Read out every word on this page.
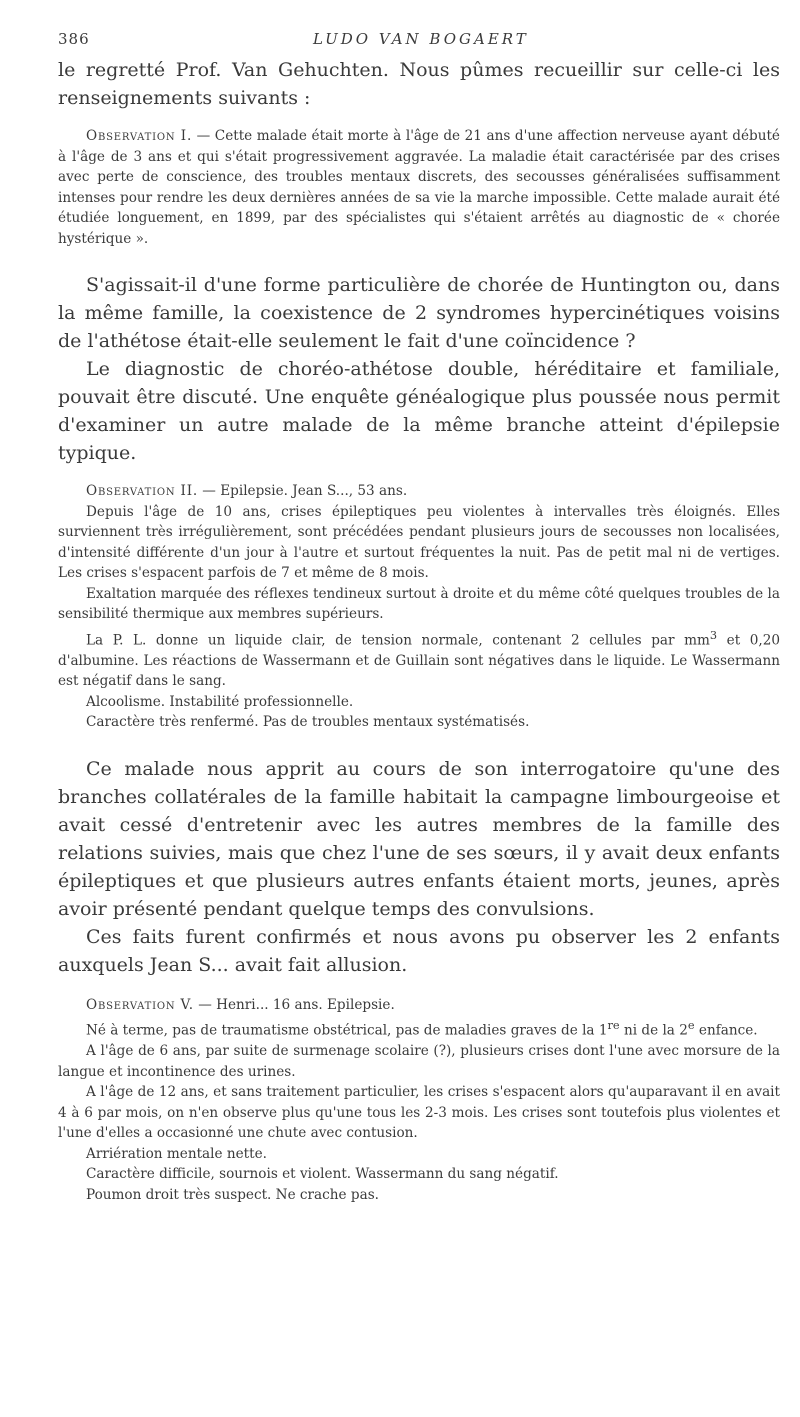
386	LUDO VAN BOGAERT

le regretté Prof. Van Gehuchten. Nous pûmes recueillir sur celle-ci les renseignements suivants :

Observation I. — Cette malade était morte à l'âge de 21 ans d'une affection nerveuse ayant débuté à l'âge de 3 ans et qui s'était progressivement aggravée. La maladie était caractérisée par des crises avec perte de conscience, des troubles mentaux discrets, des secousses généralisées suffisamment intenses pour rendre les deux dernières années de sa vie la marche impossible. Cette malade aurait été étudiée longuement, en 1899, par des spécialistes qui s'étaient arrêtés au diagnostic de « chorée hystérique ».

S'agissait-il d'une forme particulière de chorée de Huntington ou, dans la même famille, la coexistence de 2 syndromes hypercinétiques voisins de l'athétose était-elle seulement le fait d'une coïncidence ?

Le diagnostic de choréo-athétose double, héréditaire et familiale, pouvait être discuté. Une enquête généalogique plus poussée nous permit d'examiner un autre malade de la même branche atteint d'épilepsie typique.

Observation II. — Epilepsie. Jean S..., 53 ans.

Depuis l'âge de 10 ans, crises épileptiques peu violentes à intervalles très éloignés. Elles surviennent très irrégulièrement, sont précédées pendant plusieurs jours de secousses non localisées, d'intensité différente d'un jour à l'autre et surtout fréquentes la nuit. Pas de petit mal ni de vertiges. Les crises s'espacent parfois de 7 et même de 8 mois.

Exaltation marquée des réflexes tendineux surtout à droite et du même côté quelques troubles de la sensibilité thermique aux membres supérieurs.

La P. L. donne un liquide clair, de tension normale, contenant 2 cellules par $mm^3$ et 0,20 d'albumine. Les réactions de Wassermann et de Guillain sont négatives dans le liquide. Le Wassermann est négatif dans le sang.

Alcoolisme. Instabilité professionnelle.

Caractère très renfermé. Pas de troubles mentaux systématisés.

Ce malade nous apprit au cours de son interrogatoire qu'une des branches collatérales de la famille habitait la campagne limbourgeoise et avait cessé d'entretenir avec les autres membres de la famille des relations suivies, mais que chez l'une de ses sœurs, il y avait deux enfants épileptiques et que plusieurs autres enfants étaient morts, jeunes, après avoir présenté pendant quelque temps des convulsions.

Ces faits furent confirmés et nous avons pu observer les 2 enfants auxquels Jean S... avait fait allusion.

Observation V. — Henri... 16 ans. Epilepsie.

Né à terme, pas de traumatisme obstétrical, pas de maladies graves de la 1re ni de la 2e enfance.

A l'âge de 6 ans, par suite de surmenage scolaire (?), plusieurs crises dont l'une avec morsure de la langue et incontinence des urines.

A l'âge de 12 ans, et sans traitement particulier, les crises s'espacent alors qu'auparavant il en avait 4 à 6 par mois, on n'en observe plus qu'une tous les 2-3 mois. Les crises sont toutefois plus violentes et l'une d'elles a occasionné une chute avec contusion.

Arriération mentale nette.

Caractère difficile, sournois et violent. Wassermann du sang négatif.

Poumon droit très suspect. Ne crache pas.
